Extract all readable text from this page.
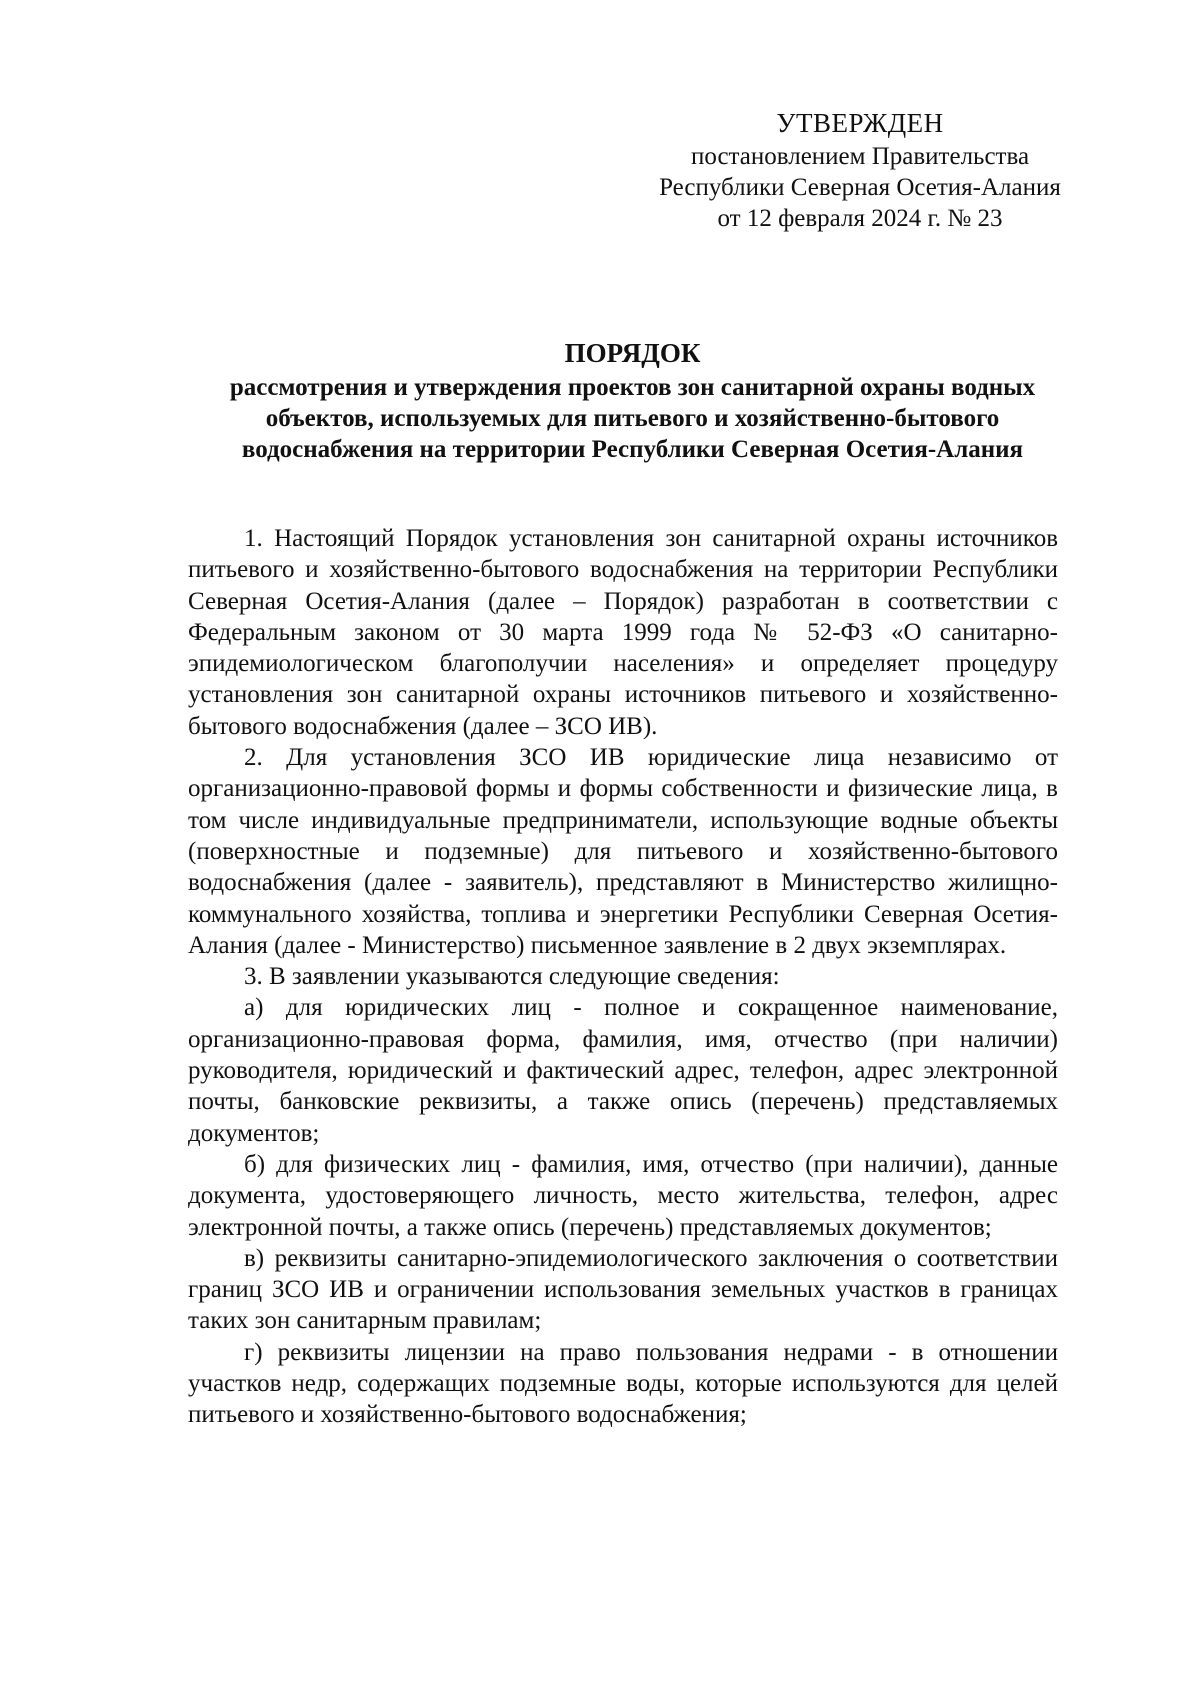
УТВЕРЖДЕН
постановлением Правительства
Республики Северная Осетия-Алания
от 12 февраля 2024 г. № 23
ПОРЯДОК
рассмотрения и утверждения проектов зон санитарной охраны водных объектов, используемых для питьевого и хозяйственно-бытового водоснабжения на территории Республики Северная Осетия-Алания

1. Настоящий Порядок установления зон санитарной охраны источников питьевого и хозяйственно-бытового водоснабжения на территории Республики Северная Осетия-Алания (далее – Порядок) разработан в соответствии с Федеральным законом от 30 марта 1999 года № 52-ФЗ «О санитарно-эпидемиологическом благополучии населения» и определяет процедуру установления зон санитарной охраны источников питьевого и хозяйственно-бытового водоснабжения (далее – ЗСО ИВ).

2. Для установления ЗСО ИВ юридические лица независимо от организационно-правовой формы и формы собственности и физические лица, в том числе индивидуальные предприниматели, использующие водные объекты (поверхностные и подземные) для питьевого и хозяйственно-бытового водоснабжения (далее - заявитель), представляют в Министерство жилищно-коммунального хозяйства, топлива и энергетики Республики Северная Осетия-Алания (далее - Министерство) письменное заявление в 2 двух экземплярах.

3. В заявлении указываются следующие сведения:

а) для юридических лиц - полное и сокращенное наименование, организационно-правовая форма, фамилия, имя, отчество (при наличии) руководителя, юридический и фактический адрес, телефон, адрес электронной почты, банковские реквизиты, а также опись (перечень) представляемых документов;

б) для физических лиц - фамилия, имя, отчество (при наличии), данные документа, удостоверяющего личность, место жительства, телефон, адрес электронной почты, а также опись (перечень) представляемых документов;

в) реквизиты санитарно-эпидемиологического заключения о соответствии границ ЗСО ИВ и ограничении использования земельных участков в границах таких зон санитарным правилам;

г) реквизиты лицензии на право пользования недрами - в отношении участков недр, содержащих подземные воды, которые используются для целей питьевого и хозяйственно-бытового водоснабжения;
